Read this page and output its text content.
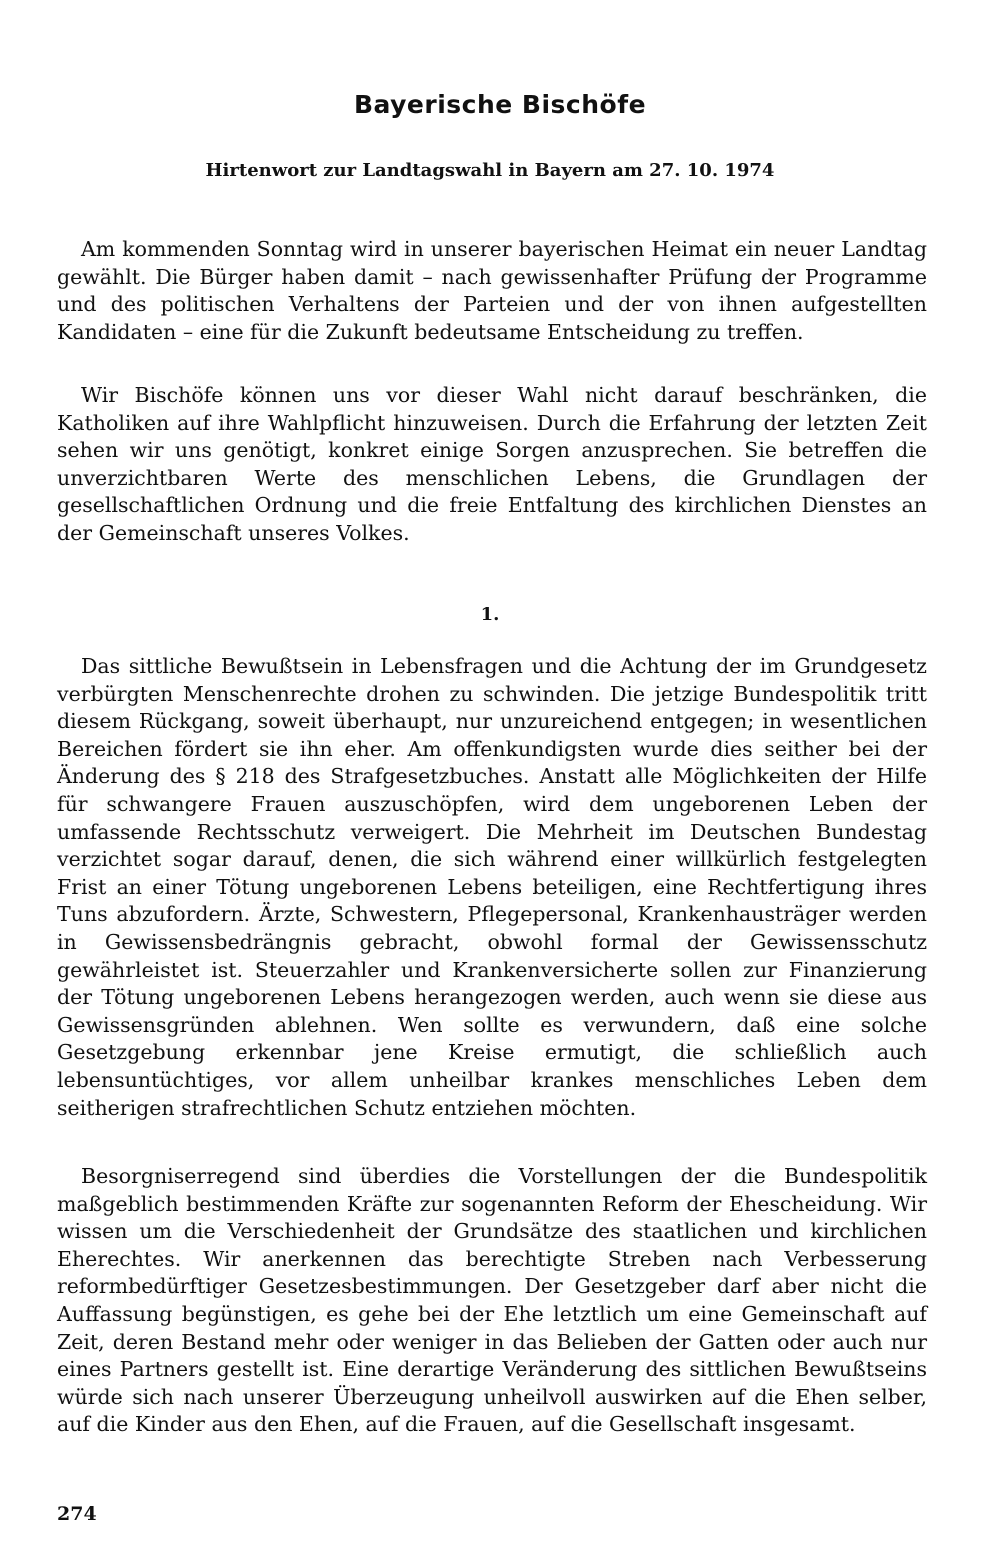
Bayerische Bischöfe
Hirtenwort zur Landtagswahl in Bayern am 27. 10. 1974

Am kommenden Sonntag wird in unserer bayerischen Heimat ein neuer Landtag gewählt. Die Bürger haben damit – nach gewissenhafter Prüfung der Programme und des politischen Verhaltens der Parteien und der von ihnen aufgestellten Kandidaten – eine für die Zukunft bedeutsame Entscheidung zu treffen.

Wir Bischöfe können uns vor dieser Wahl nicht darauf beschränken, die Katholiken auf ihre Wahlpflicht hinzuweisen. Durch die Erfahrung der letzten Zeit sehen wir uns genötigt, konkret einige Sorgen anzusprechen. Sie betreffen die unverzichtbaren Werte des menschlichen Lebens, die Grundlagen der gesellschaftlichen Ordnung und die freie Entfaltung des kirchlichen Dienstes an der Gemeinschaft unseres Volkes.

1.

Das sittliche Bewußtsein in Lebensfragen und die Achtung der im Grundgesetz verbürgten Menschenrechte drohen zu schwinden. Die jetzige Bundespolitik tritt diesem Rückgang, soweit überhaupt, nur unzureichend entgegen; in wesentlichen Bereichen fördert sie ihn eher. Am offenkundigsten wurde dies seither bei der Änderung des § 218 des Strafgesetzbuches. Anstatt alle Möglichkeiten der Hilfe für schwangere Frauen auszuschöpfen, wird dem ungeborenen Leben der umfassende Rechtsschutz verweigert. Die Mehrheit im Deutschen Bundestag verzichtet sogar darauf, denen, die sich während einer willkürlich festgelegten Frist an einer Tötung ungeborenen Lebens beteiligen, eine Rechtfertigung ihres Tuns abzufordern. Ärzte, Schwestern, Pflegepersonal, Krankenhausträger werden in Gewissensbedrängnis gebracht, obwohl formal der Gewissensschutz gewährleistet ist. Steuerzahler und Krankenversicherte sollen zur Finanzierung der Tötung ungeborenen Lebens herangezogen werden, auch wenn sie diese aus Gewissensgründen ablehnen. Wen sollte es verwundern, daß eine solche Gesetzgebung erkennbar jene Kreise ermutigt, die schließlich auch lebensuntüchtiges, vor allem unheilbar krankes menschliches Leben dem seitherigen strafrechtlichen Schutz entziehen möchten.

Besorgniserregend sind überdies die Vorstellungen der die Bundespolitik maßgeblich bestimmenden Kräfte zur sogenannten Reform der Ehescheidung. Wir wissen um die Verschiedenheit der Grundsätze des staatlichen und kirchlichen Eherechtes. Wir anerkennen das berechtigte Streben nach Verbesserung reformbedürftiger Gesetzesbestimmungen. Der Gesetzgeber darf aber nicht die Auffassung begünstigen, es gehe bei der Ehe letztlich um eine Gemeinschaft auf Zeit, deren Bestand mehr oder weniger in das Belieben der Gatten oder auch nur eines Partners gestellt ist. Eine derartige Veränderung des sittlichen Bewußtseins würde sich nach unserer Überzeugung unheilvoll auswirken auf die Ehen selber, auf die Kinder aus den Ehen, auf die Frauen, auf die Gesellschaft insgesamt.

274
